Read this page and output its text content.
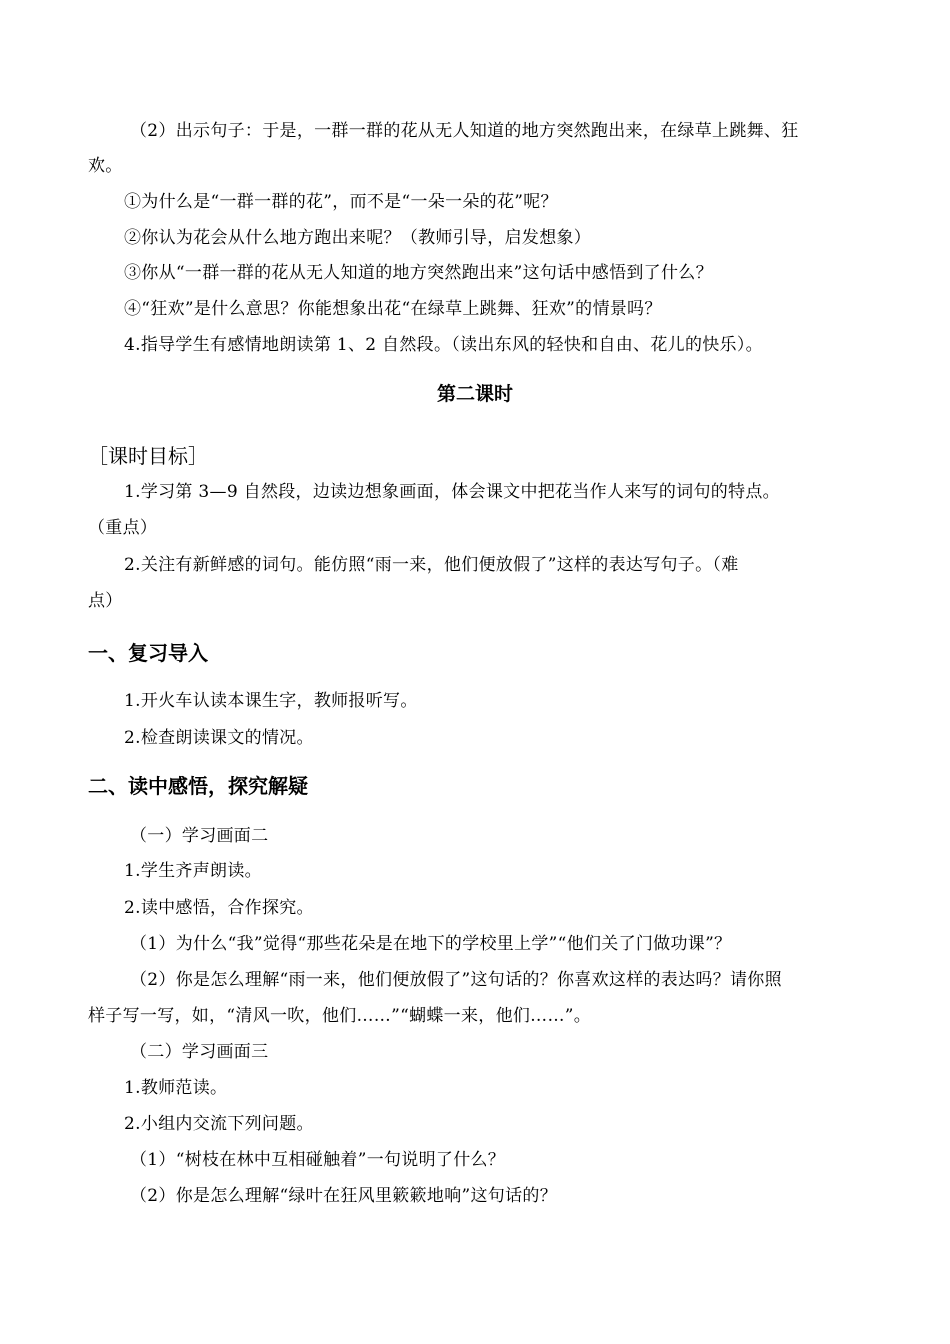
（2）出示句子：于是，一群一群的花从无人知道的地方突然跑出来，在绿草上跳舞、狂
欢。
①为什么是“一群一群的花”，而不是“一朵一朵的花”呢？
②你认为花会从什么地方跑出来呢？（教师引导，启发想象）
③你从“一群一群的花从无人知道的地方突然跑出来”这句话中感悟到了什么？
④“狂欢”是什么意思？你能想象出花“在绿草上跳舞、狂欢”的情景吗？
4.指导学生有感情地朗读第 1、2 自然段。（读出东风的轻快和自由、花儿的快乐）。
第二课时
［课时目标］
1.学习第 3—9 自然段，边读边想象画面，体会课文中把花当作人来写的词句的特点。
（重点）
2.关注有新鲜感的词句。能仿照“雨一来，他们便放假了”这样的表达写句子。（难
点）
一、复习导入
1.开火车认读本课生字，教师报听写。
2.检查朗读课文的情况。
二、读中感悟，探究解疑
（一）学习画面二
1.学生齐声朗读。
2.读中感悟，合作探究。
（1）为什么“我”觉得“那些花朵是在地下的学校里上学”“他们关了门做功课”？
（2）你是怎么理解“雨一来，他们便放假了”这句话的？你喜欢这样的表达吗？请你照
样子写一写，如，“清风一吹，他们……”“蝴蝶一来，他们……”。
（二）学习画面三
1.教师范读。
2.小组内交流下列问题。
（1）“树枝在林中互相碰触着”一句说明了什么？
（2）你是怎么理解“绿叶在狂风里簌簌地响”这句话的？
